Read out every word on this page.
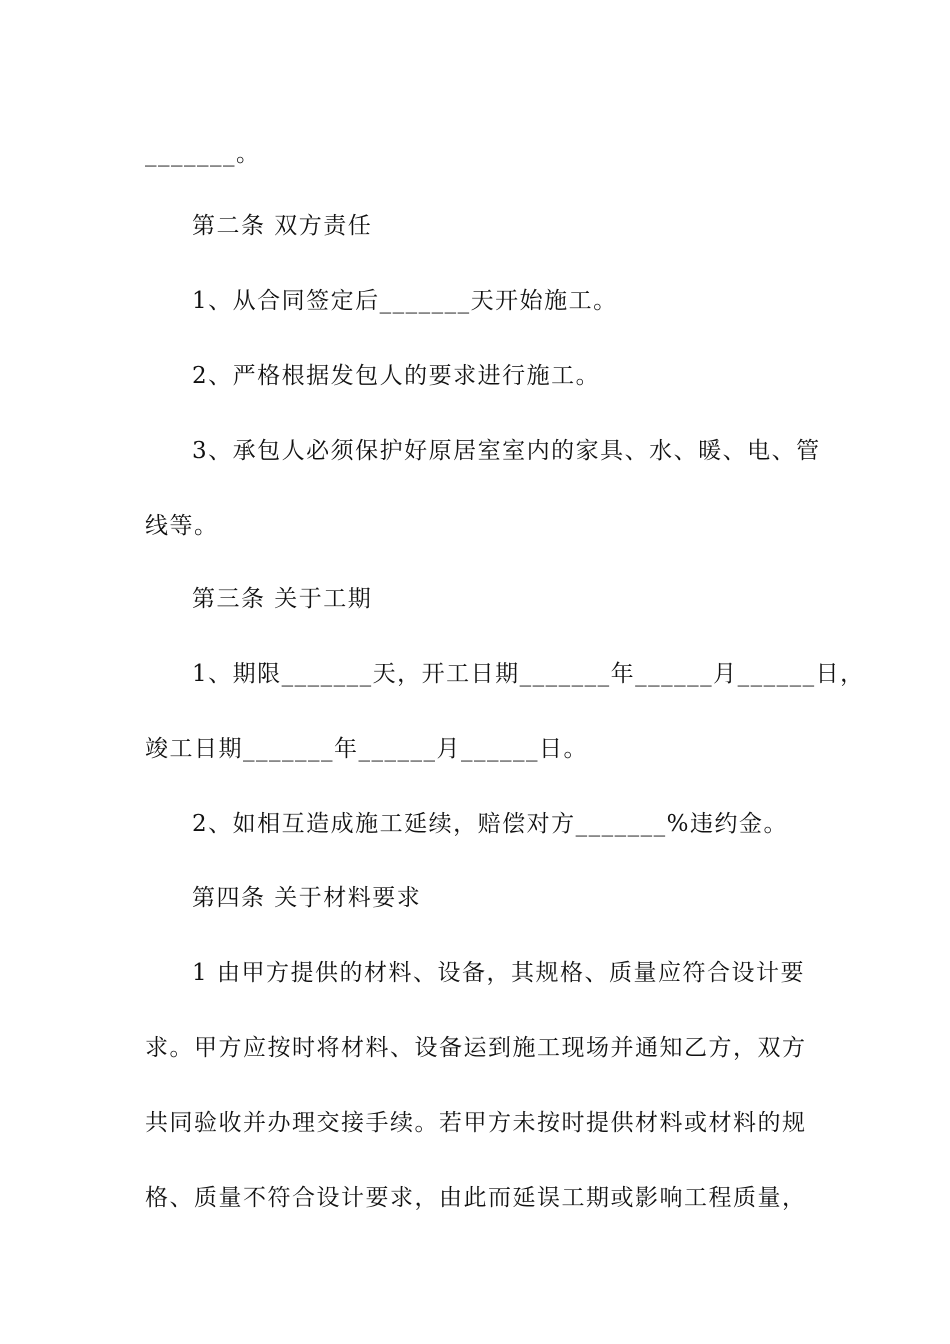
_______。
第二条 双方责任
1、从合同签定后_______天开始施工。
2、严格根据发包人的要求进行施工。
3、承包人必须保护好原居室室内的家具、水、暖、电、管
线等。
第三条 关于工期
1、期限_______天，开工日期_______年______月______日，
竣工日期_______年______月______日。
2、如相互造成施工延续，赔偿对方_______%违约金。
第四条 关于材料要求
1 由甲方提供的材料、设备，其规格、质量应符合设计要
求。甲方应按时将材料、设备运到施工现场并通知乙方，双方
共同验收并办理交接手续。若甲方未按时提供材料或材料的规
格、质量不符合设计要求，由此而延误工期或影响工程质量，
